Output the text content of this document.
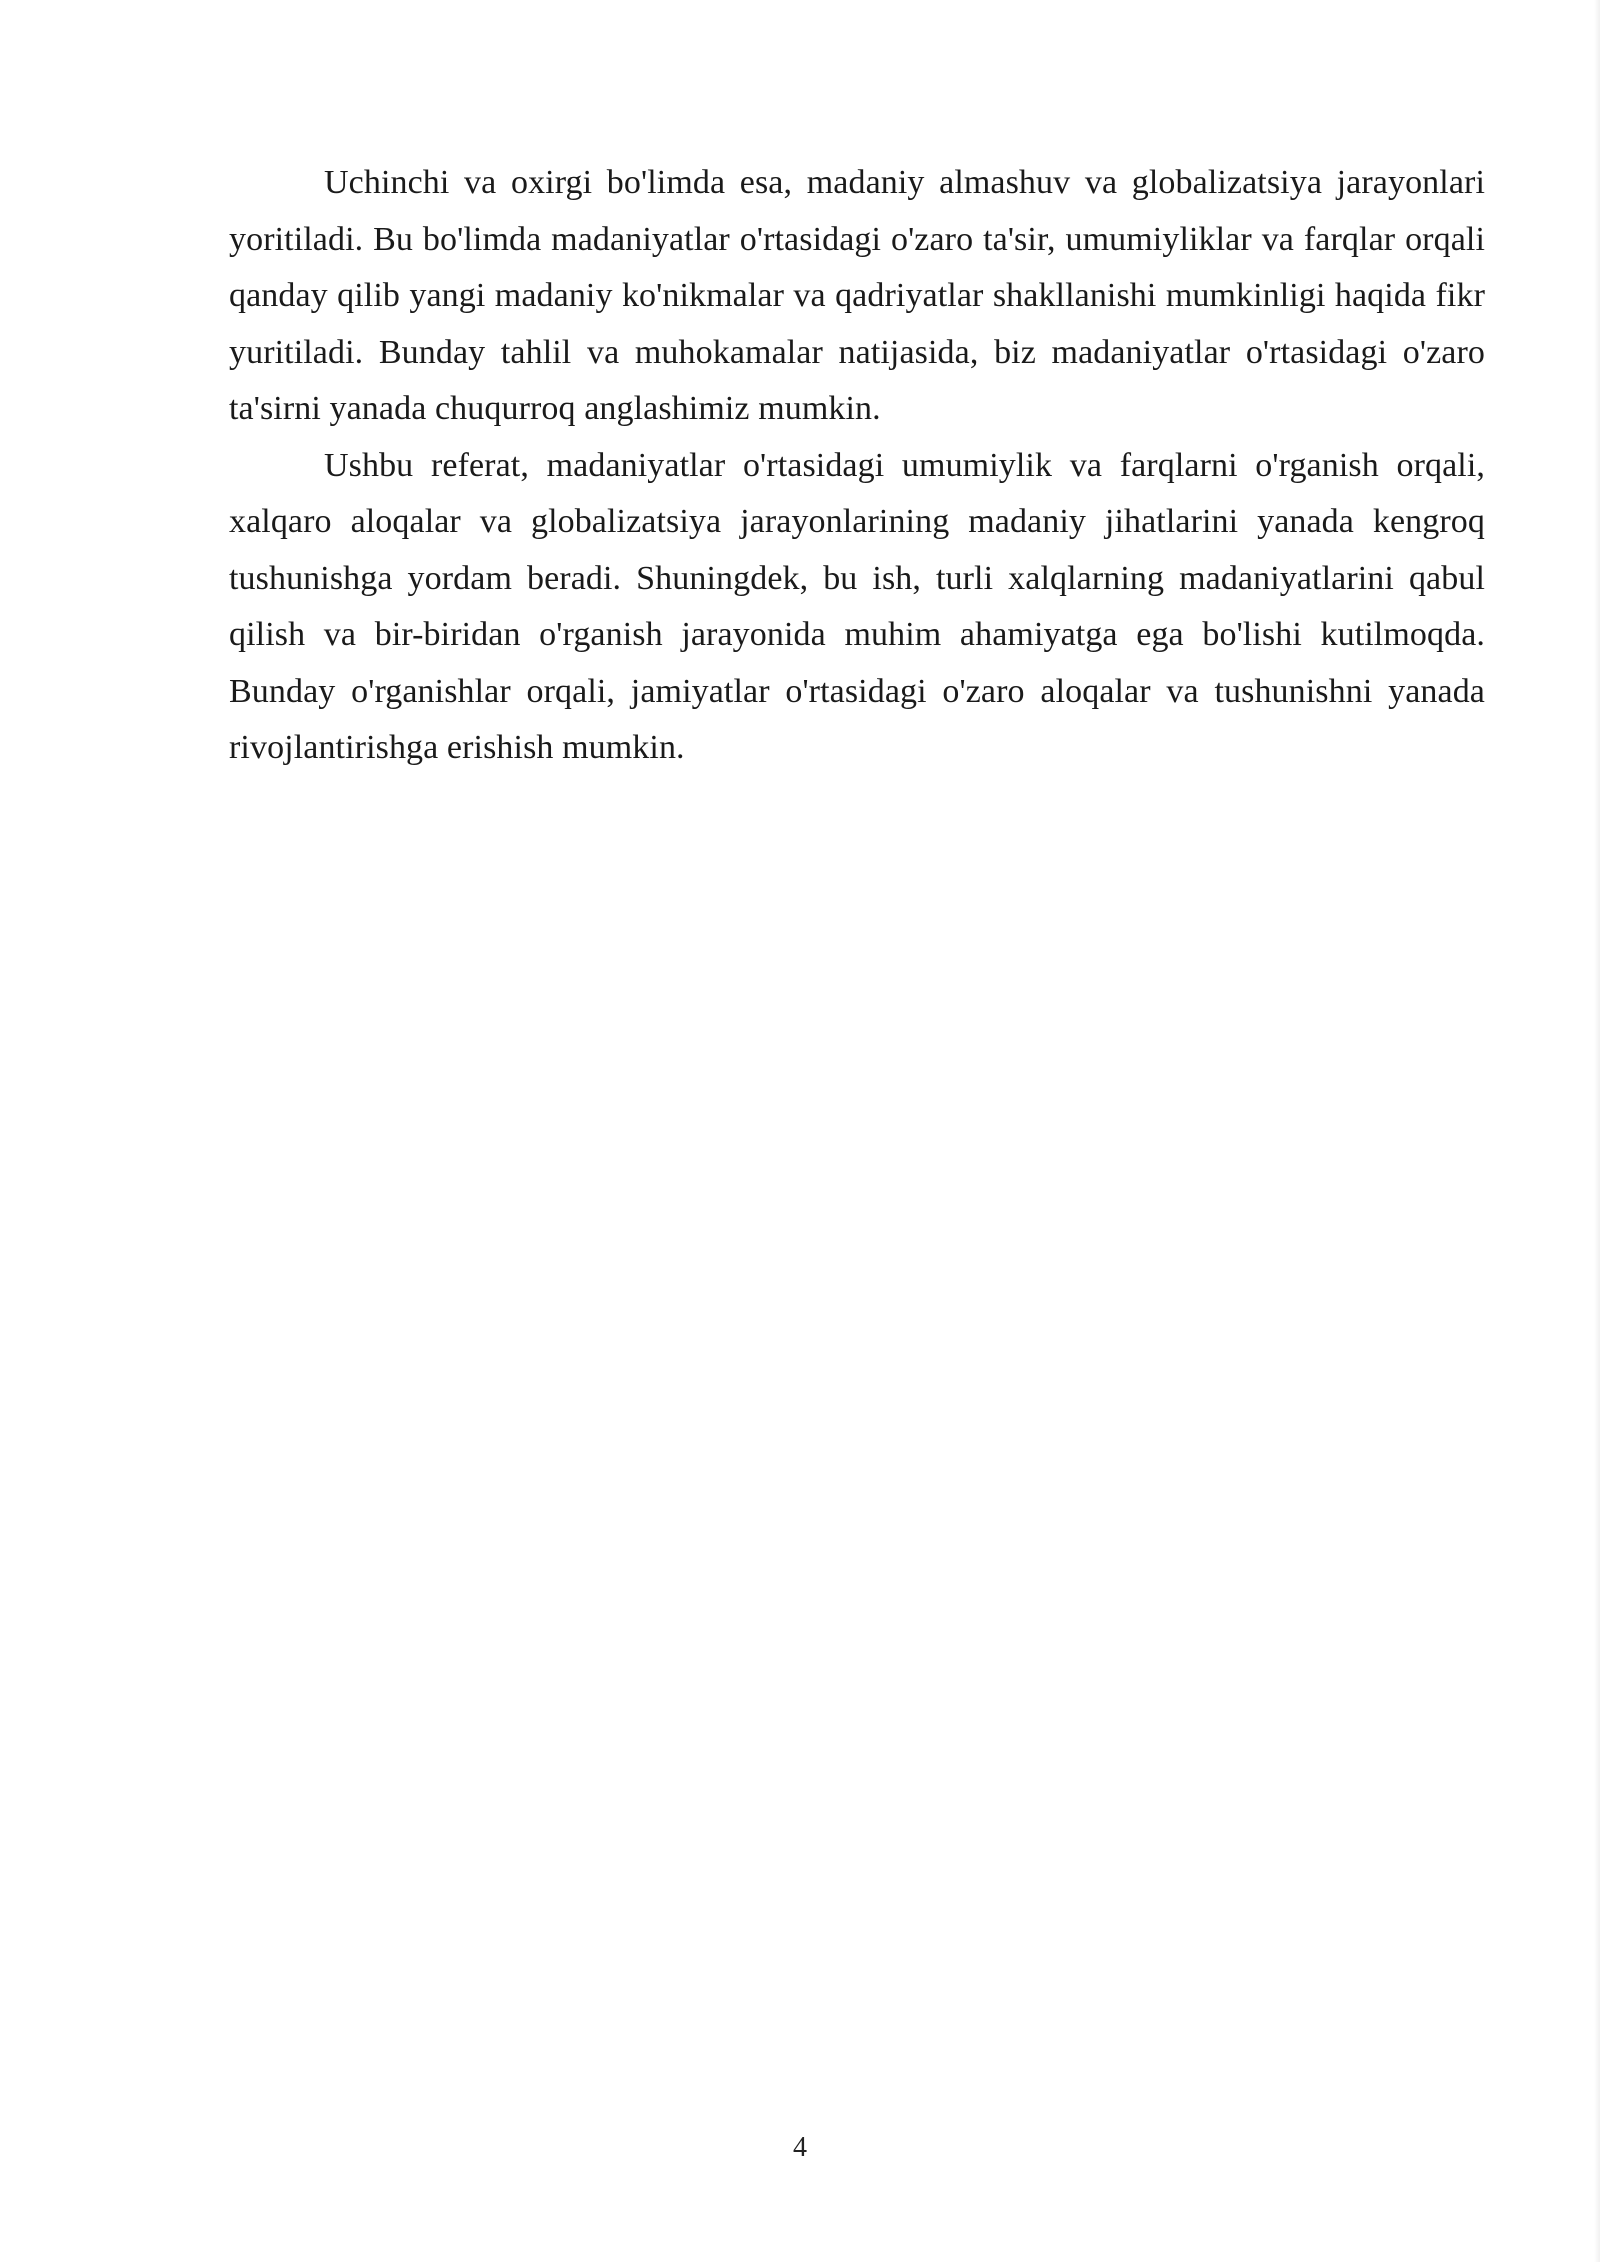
Uchinchi va oxirgi bo'limda esa, madaniy almashuv va globalizatsiya jarayonlari yoritiladi. Bu bo'limda madaniyatlar o'rtasidagi o'zaro ta'sir, umumiyliklar va farqlar orqali qanday qilib yangi madaniy ko'nikmalar va qadriyatlar shakllanishi mumkinligi haqida fikr yuritiladi. Bunday tahlil va muhokamalar natijasida, biz madaniyatlar o'rtasidagi o'zaro ta'sirni yanada chuqurroq anglashimiz mumkin.

Ushbu referat, madaniyatlar o'rtasidagi umumiylik va farqlarni o'rganish orqali, xalqaro aloqalar va globalizatsiya jarayonlarining madaniy jihatlarini yanada kengroq tushunishga yordam beradi. Shuningdek, bu ish, turli xalqlarning madaniyatlarini qabul qilish va bir-biridan o'rganish jarayonida muhim ahamiyatga ega bo'lishi kutilmoqda. Bunday o'rganishlar orqali, jamiyatlar o'rtasidagi o'zaro aloqalar va tushunishni yanada rivojlantirishga erishish mumkin.

4
